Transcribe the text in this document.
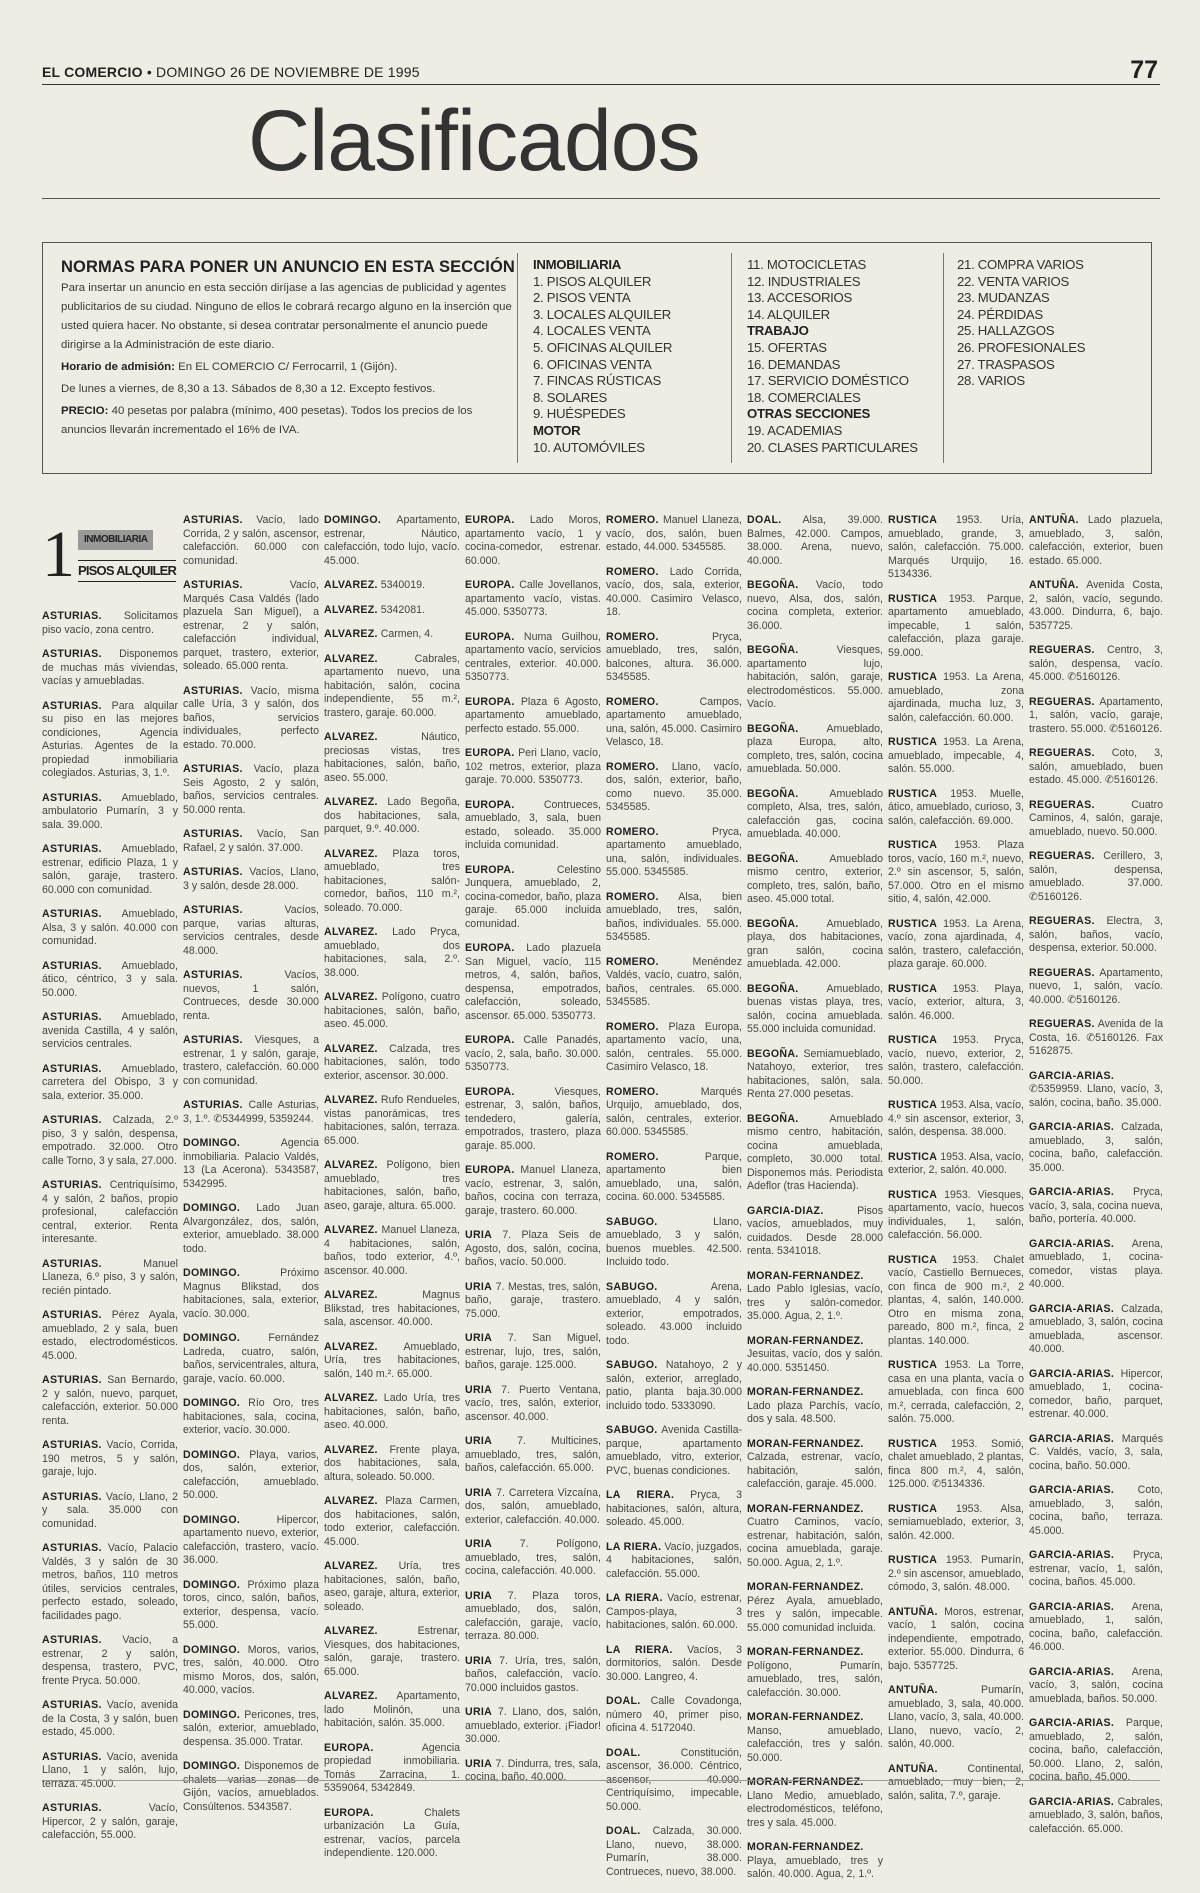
EL COMERCIO • DOMINGO 26 DE NOVIEMBRE DE 1995	77
Clasificados
NORMAS PARA PONER UN ANUNCIO EN ESTA SECCIÓN

Para insertar un anuncio en esta sección diríjase a las agencias de publicidad y agentes publicitarios de su ciudad. Ninguno de ellos le cobrará recargo alguno en la inserción que usted quiera hacer. No obstante, si desea contratar personalmente el anuncio puede dirigirse a la Administración de este diario.

Horario de admisión: En EL COMERCIO C/ Ferrocarril, 1 (Gijón).

De lunes a viernes, de 8,30 a 13. Sábados de 8,30 a 12. Excepto festivos.

PRECIO: 40 pesetas por palabra (mínimo, 400 pesetas). Todos los precios de los anuncios llevarán incrementado el 16% de IVA.

INMOBILIARIA
1. PISOS ALQUILER
2. PISOS VENTA
3. LOCALES ALQUILER
4. LOCALES VENTA
5. OFICINAS ALQUILER
6. OFICINAS VENTA
7. FINCAS RÚSTICAS
8. SOLARES
9. HUÉSPEDES
MOTOR
10. AUTOMÓVILES
11. MOTOCICLETAS
12. INDUSTRIALES
13. ACCESORIOS
14. ALQUILER
TRABAJO
15. OFERTAS
16. DEMANDAS
17. SERVICIO DOMÉSTICO
18. COMERCIALES
OTRAS SECCIONES
19. ACADEMIAS
20. CLASES PARTICULARES
21. COMPRA VARIOS
22. VENTA VARIOS
23. MUDANZAS
24. PÉRDIDAS
25. HALLAZGOS
26. PROFESIONALES
27. TRASPASOS
28. VARIOS
1 INMOBILIARIA
PISOS ALQUILER
ASTURIAS. Solicitamos piso vacío, zona centro.
ASTURIAS. Disponemos de muchas más viviendas, vacías y amuebladas.
ASTURIAS. Para alquilar su piso en las mejores condiciones, Agencia Asturias. Agentes de la propiedad inmobiliaria colegiados. Asturias, 3, 1.º.
ASTURIAS. Amueblado, ambulatorio Pumarín, 3 y sala. 39.000.
ASTURIAS. Amueblado, estrenar, edificio Plaza, 1 y salón, garaje, trastero. 60.000 con comunidad.
ASTURIAS. Amueblado, Alsa, 3 y salón. 40.000 con comunidad.
ASTURIAS. Amueblado, ático, céntrico, 3 y sala. 50.000.
ASTURIAS. Amueblado, avenida Castilla, 4 y salón, servicios centrales.
ASTURIAS. Amueblado, carretera del Obispo, 3 y sala, exterior. 35.000.
ASTURIAS. Calzada, 2.º piso, 3 y salón, despensa, empotrado. 32.000. Otro calle Torno, 3 y sala, 27.000.
ASTURIAS. Centriquísimo, 4 y salón, 2 baños, propio profesional, calefacción central, exterior. Renta interesante.
ASTURIAS. Manuel Llaneza, 6.º piso, 3 y salón, recién pintado.
ASTURIAS. Pérez Ayala, amueblado, 2 y sala, buen estado, electrodomésticos. 45.000.
ASTURIAS. San Bernardo, 2 y salón, nuevo, parquet, calefacción, exterior. 50.000 renta.
ASTURIAS. Vacío, Corrida, 190 metros, 5 y salón, garaje, lujo.
ASTURIAS. Vacío, Llano, 2 y sala. 35.000 con comunidad.
ASTURIAS. Vacío, Palacio Valdés, 3 y salón de 30 metros, baños, 110 metros útiles, servicios centrales, perfecto estado, soleado, facilidades pago.
ASTURIAS. Vacío, a estrenar, 2 y salón, despensa, trastero, PVC, frente Pryca. 50.000.
ASTURIAS. Vacío, avenida de la Costa, 3 y salón, buen estado, 45.000.
ASTURIAS. Vacío, avenida Llano, 1 y salón, lujo, terraza. 45.000.
ASTURIAS. Vacío, Hipercor, 2 y salón, garaje, calefacción, 55.000.
ASTURIAS. Vacío, lado Corrida, 2 y salón, ascensor, calefacción. 60.000 con comunidad.
ASTURIAS. Vacío, Marqués Casa Valdés (lado plazuela San Miguel), a estrenar, 2 y salón, calefacción individual, parquet, trastero, exterior, soleado. 65.000 renta.
ASTURIAS. Vacío, misma calle Uría, 3 y salón, dos baños, servicios individuales, perfecto estado. 70.000.
ASTURIAS. Vacío, plaza Seis Agosto, 2 y salón, baños, servicios centrales. 50.000 renta.
ASTURIAS. Vacío, San Rafael, 2 y salón. 37.000.
ASTURIAS. Vacíos, Llano, 3 y salón, desde 28.000.
ASTURIAS. Vacíos, parque, varias alturas, servicios centrales, desde 48.000.
ASTURIAS. Vacíos, nuevos, 1 salón, Contrueces, desde 30.000 renta.
ASTURIAS. Viesques, a estrenar, 1 y salón, garaje, trastero, calefacción. 60.000 con comunidad.
ASTURIAS. Calle Asturias, 3, 1.º. ✆5344999, 5359244.
DOMINGO. Agencia inmobiliaria. Palacio Valdés, 13 (La Acerona). 5343587, 5342995.
DOMINGO. Lado Juan Alvargonzález, dos, salón, exterior, amueblado. 38.000 todo.
DOMINGO. Próximo Magnus Blikstad, dos habitaciones, sala, exterior, vacío. 30.000.
DOMINGO. Fernández Ladreda, cuatro, salón, baños, servicentrales, altura, garaje, vacío. 60.000.
DOMINGO. Río Oro, tres habitaciones, sala, cocina, exterior, vacío. 30.000.
DOMINGO. Playa, varios, dos, salón, exterior, calefacción, amueblado. 50.000.
DOMINGO. Hipercor, apartamento nuevo, exterior, calefacción, trastero, vacío. 36.000.
DOMINGO. Próximo plaza toros, cinco, salón, baños, exterior, despensa, vacío. 55.000.
DOMINGO. Moros, varios, tres, salón, 40.000. Otro mismo Moros, dos, salón, 40.000, vacíos.
DOMINGO. Pericones, tres, salón, exterior, amueblado, despensa. 35.000. Tratar.
DOMINGO. Disponemos de chalets varias zonas de Gijón, vacíos, amueblados. Consúltenos. 5343587.
DOMINGO. Apartamento, estrenar, Náutico, calefacción, todo lujo, vacío. 45.000.
ALVAREZ. 5340019.
ALVAREZ. 5342081.
ALVAREZ. Carmen, 4.
ALVAREZ. Cabrales, apartamento nuevo, una habitación, salón, cocina independiente, 55 m.², trastero, garaje. 60.000.
ALVAREZ. Náutico, preciosas vistas, tres habitaciones, salón, baño, aseo. 55.000.
ALVAREZ. Lado Begoña, dos habitaciones, sala, parquet, 9.º. 40.000.
ALVAREZ. Plaza toros, amueblado, tres habitaciones, salón-comedor, baños, 110 m.², soleado. 70.000.
ALVAREZ. Lado Pryca, amueblado, dos habitaciones, sala, 2.º. 38.000.
ALVAREZ. Polígono, cuatro habitaciones, salón, baño, aseo. 45.000.
ALVAREZ. Calzada, tres habitaciones, salón, todo exterior, ascensor. 30.000.
ALVAREZ. Rufo Rendueles, vistas panorámicas, tres habitaciones, salón, terraza. 65.000.
ALVAREZ. Polígono, bien amueblado, tres habitaciones, salón, baño, aseo, garaje, altura. 65.000.
ALVAREZ. Manuel Llaneza, 4 habitaciones, salón, baños, todo exterior, 4.º, ascensor. 40.000.
ALVAREZ. Magnus Blikstad, tres habitaciones, sala, ascensor. 40.000.
ALVAREZ. Amueblado, Uría, tres habitaciones, salón, 140 m.². 65.000.
ALVAREZ. Lado Uría, tres habitaciones, salón, baño, aseo. 40.000.
ALVAREZ. Frente playa, dos habitaciones, sala, altura, soleado. 50.000.
ALVAREZ. Plaza Carmen, dos habitaciones, salón, todo exterior, calefacción. 45.000.
ALVAREZ. Uría, tres habitaciones, salón, baño, aseo, garaje, altura, exterior, soleado.
ALVAREZ. Estrenar, Viesques, dos habitaciones, salón, garaje, trastero. 65.000.
ALVAREZ. Apartamento, lado Molinón, una habitación, salón. 35.000.
EUROPA. Agencia propiedad inmobiliaria. Tomás Zarracina, 1. 5359064, 5342849.
EUROPA. Chalets urbanización La Guía, estrenar, vacíos, parcela independiente. 120.000.
EUROPA. Lado Moros, apartamento vacío, 1 y cocina-comedor, estrenar. 60.000.
EUROPA. Calle Jovellanos, apartamento vacío, vistas. 45.000. 5350773.
EUROPA. Numa Guilhou, apartamento vacío, servicios centrales, exterior. 40.000. 5350773.
EUROPA. Plaza 6 Agosto, apartamento amueblado, perfecto estado. 55.000.
EUROPA. Peri Llano, vacío, 102 metros, exterior, plaza garaje. 70.000. 5350773.
EUROPA. Contrueces, amueblado, 3, sala, buen estado, soleado. 35.000 incluida comunidad.
EUROPA. Celestino Junquera, amueblado, 2, cocina-comedor, baño, plaza garaje. 65.000 incluida comunidad.
EUROPA. Lado plazuela San Miguel, vacío, 115 metros, 4, salón, baños, despensa, empotrados, calefacción, soleado, ascensor. 65.000. 5350773.
EUROPA. Calle Panadés, vacío, 2, sala, baño. 30.000. 5350773.
EUROPA. Viesques, estrenar, 3, salón, baños, tendedero, galería, empotrados, trastero, plaza garaje. 85.000.
EUROPA. Manuel Llaneza, vacío, estrenar, 3, salón, baños, cocina con terraza, garaje, trastero. 60.000.
URIA 7. Plaza Seis de Agosto, dos, salón, cocina, baños, vacío. 50.000.
URIA 7. Mestas, tres, salón, baño, garaje, trastero. 75.000.
URIA 7. San Miguel, estrenar, lujo, tres, salón, baños, garaje. 125.000.
URIA 7. Puerto Ventana, vacío, tres, salón, exterior, ascensor. 40.000.
URIA 7. Multicines, amueblado, tres, salón, baños, calefacción. 65.000.
URIA 7. Carretera Vizcaína, dos, salón, amueblado, exterior, calefacción. 40.000.
URIA 7. Polígono, amueblado, tres, salón, cocina, calefacción. 40.000.
URIA 7. Plaza toros, amueblado, dos, salón, calefacción, garaje, vacío, terraza. 80.000.
URIA 7. Uría, tres, salón, baños, calefacción, vacío. 70.000 incluidos gastos.
URIA 7. Llano, dos, salón, amueblado, exterior. ¡Fiador! 30.000.
URIA 7. Dindurra, tres, sala, cocina, baño. 40.000.
ROMERO. Manuel Llaneza, vacío, dos, salón, buen estado, 44.000. 5345585.
ROMERO. Lado Corrida, vacío, dos, sala, exterior, 40.000. Casimiro Velasco, 18.
ROMERO. Pryca, amueblado, tres, salón, balcones, altura. 36.000. 5345585.
ROMERO. Campos, apartamento amueblado, una, salón, 45.000. Casimiro Velasco, 18.
ROMERO. Llano, vacío, dos, salón, exterior, baño, como nuevo. 35.000. 5345585.
ROMERO. Pryca, apartamento amueblado, una, salón, individuales. 55.000. 5345585.
ROMERO. Alsa, bien amueblado, tres, salón, baños, individuales. 55.000. 5345585.
ROMERO. Menéndez Valdés, vacío, cuatro, salón, baños, centrales. 65.000. 5345585.
ROMERO. Plaza Europa, apartamento vacío, una, salón, centrales. 55.000. Casimiro Velasco, 18.
ROMERO. Marqués Urquijo, amueblado, dos, salón, centrales, exterior. 60.000. 5345585.
ROMERO. Parque, apartamento bien amueblado, una, salón, cocina. 60.000. 5345585.
SABUGO. Llano, amueblado, 3 y salón, buenos muebles. 42.500. Incluido todo.
SABUGO. Arena, amueblado, 4 y salón, exterior, empotrados, soleado. 43.000 incluido todo.
SABUGO. Natahoyo, 2 y salón, exterior, arreglado, patio, planta baja.30.000 incluido todo. 5333090.
SABUGO. Avenida Castilla-parque, apartamento amueblado, vitro, exterior, PVC, buenas condiciones.
LA RIERA. Pryca, 3 habitaciones, salón, altura, soleado. 45.000.
LA RIERA. Vacío, juzgados, 4 habitaciones, salón, calefacción. 55.000.
LA RIERA. Vacío, estrenar, Campos-playa, 3 habitaciones, salón. 60.000.
LA RIERA. Vacíos, 3 dormitorios, salón. Desde 30.000. Langreo, 4.
DOAL. Calle Covadonga, número 40, primer piso, oficina 4. 5172040.
DOAL. Constitución, ascensor, 36.000. Céntrico, ascensor, 40.000. Centriquísimo, impecable, 50.000.
DOAL. Calzada, 30.000. Llano, nuevo, 38.000. Pumarín, 38.000. Contrueces, nuevo, 38.000.
DOAL. Alsa, 39.000. Balmes, 42.000. Campos, 38.000. Arena, nuevo, 40.000.
BEGOÑA. Vacío, todo nuevo, Alsa, dos, salón, cocina completa, exterior. 36.000.
BEGOÑA. Viesques, apartamento lujo, habitación, salón, garaje, electrodomésticos. 55.000. Vacío.
BEGOÑA. Amueblado, plaza Europa, alto, completo, tres, salón, cocina amueblada. 50.000.
BEGOÑA. Amueblado completo, Alsa, tres, salón, calefacción gas, cocina amueblada. 40.000.
BEGOÑA. Amueblado mismo centro, exterior, completo, tres, salón, baño, aseo. 45.000 total.
BEGOÑA. Amueblado, playa, dos habitaciones, gran salón, cocina amueblada. 42.000.
BEGOÑA. Amueblado, buenas vistas playa, tres, salón, cocina amueblada. 55.000 incluida comunidad.
BEGOÑA. Semiamueblado, Natahoyo, exterior, tres habitaciones, salón, sala. Renta 27.000 pesetas.
BEGOÑA. Amueblado mismo centro, habitación, cocina amueblada, completo, 30.000 total. Disponemos más. Periodista Adeflor (tras Hacienda).
GARCIA-DIAZ. Pisos vacíos, amueblados, muy cuidados. Desde 28.000 renta. 5341018.
MORAN-FERNANDEZ. Lado Pablo Iglesias, vacío, tres y salón-comedor. 35.000. Agua, 2, 1.º.
MORAN-FERNANDEZ. Jesuitas, vacío, dos y salón. 40.000. 5351450.
MORAN-FERNANDEZ. Lado plaza Parchís, vacío, dos y sala. 48.500.
MORAN-FERNANDEZ. Calzada, estrenar, vacío, habitación, salón, calefacción, garaje. 45.000.
MORAN-FERNANDEZ. Cuatro Caminos, vacío, estrenar, habitación, salón, cocina amueblada, garaje. 50.000. Agua, 2, 1.º.
MORAN-FERNANDEZ. Pérez Ayala, amueblado, tres y salón, impecable. 55.000 comunidad incluida.
MORAN-FERNANDEZ. Polígono, Pumarín, amueblado, tres, salón, calefacción. 30.000.
MORAN-FERNANDEZ. Manso, amueblado, calefacción, tres y salón. 50.000.
MORAN-FERNANDEZ. Llano Medio, amueblado, electrodomésticos, teléfono, tres y sala. 45.000.
MORAN-FERNANDEZ. Playa, amueblado, tres y salón. 40.000. Agua, 2, 1.º.
RUSTICA 1953. Uría, amueblado, grande, 3, salón, calefacción. 75.000. Marqués Urquijo, 16. 5134336.
RUSTICA 1953. Parque, apartamento amueblado, impecable, 1 salón, calefacción, plaza garaje. 59.000.
RUSTICA 1953. La Arena, amueblado, zona ajardinada, mucha luz, 3, salón, calefacción. 60.000.
RUSTICA 1953. La Arena, amueblado, impecable, 4, salón. 55.000.
RUSTICA 1953. Muelle, ático, amueblado, curioso, 3, salón, calefacción. 69.000.
RUSTICA 1953. Plaza toros, vacío, 160 m.², nuevo, 2.º sin ascensor, 5, salón, 57.000. Otro en el mismo sitio, 4, salón, 42.000.
RUSTICA 1953. La Arena, vacío, zona ajardinada, 4, salón, trastero, calefacción, plaza garaje. 60.000.
RUSTICA 1953. Playa, vacío, exterior, altura, 3, salón. 46.000.
RUSTICA 1953. Pryca, vacío, nuevo, exterior, 2, salón, trastero, calefacción. 50.000.
RUSTICA 1953. Alsa, vacío, 4.º sin ascensor, exterior, 3, salón, despensa. 38.000.
RUSTICA 1953. Alsa, vacío, exterior, 2, salón. 40.000.
RUSTICA 1953. Viesques, apartamento, vacío, huecos individuales, 1, salón, calefacción. 56.000.
RUSTICA 1953. Chalet vacío, Castiello Bernueces, con finca de 900 m.², 2 plantas, 4, salón, 140.000. Otro en misma zona, pareado, 800 m.², finca, 2 plantas. 140.000.
RUSTICA 1953. La Torre, casa en una planta, vacía o amueblada, con finca 600 m.², cerrada, calefacción, 2, salón. 75.000.
RUSTICA 1953. Somió, chalet amueblado, 2 plantas, finca 800 m.², 4, salón, 125.000. ✆5134336.
RUSTICA 1953. Alsa, semiamueblado, exterior, 3, salón. 42.000.
RUSTICA 1953. Pumarín, 2.º sin ascensor, amueblado, cómodo, 3, salón. 48.000.
ANTUÑA. Moros, estrenar, vacío, 1 salón, cocina independiente, empotrado, exterior. 55.000. Dindurra, 6 bajo. 5357725.
ANTUÑA. Pumarín, amueblado, 3, sala, 40.000. Llano, vacío, 3, sala, 40.000. Llano, nuevo, vacío, 2, salón, 40.000.
ANTUÑA. Continental, amueblado, muy bien, 2, salón, salita, 7.º, garaje.
ANTUÑA. Lado plazuela, amueblado, 3, salón, calefacción, exterior, buen estado. 65.000.
ANTUÑA. Avenida Costa, 2, salón, vacío, segundo. 43.000. Dindurra, 6, bajo. 5357725.
REGUERAS. Centro, 3, salón, despensa, vacío. 45.000. ✆5160126.
REGUERAS. Apartamento, 1, salón, vacío, garaje, trastero. 55.000. ✆5160126.
REGUERAS. Coto, 3, salón, amueblado, buen estado. 45.000. ✆5160126.
REGUERAS. Cuatro Caminos, 4, salón, garaje, amueblado, nuevo. 50.000.
REGUERAS. Cerillero, 3, salón, despensa, amueblado. 37.000. ✆5160126.
REGUERAS. Electra, 3, salón, baños, vacío, despensa, exterior. 50.000.
REGUERAS. Apartamento, nuevo, 1, salón, vacío. 40.000. ✆5160126.
REGUERAS. Avenida de la Costa, 16. ✆5160126. Fax 5162875.
GARCIA-ARIAS. ✆5359959. Llano, vacío, 3, salón, cocina, baño. 35.000.
GARCIA-ARIAS. Calzada, amueblado, 3, salón, cocina, baño, calefacción. 35.000.
GARCIA-ARIAS. Pryca, vacío, 3, sala, cocina nueva, baño, portería. 40.000.
GARCIA-ARIAS. Arena, amueblado, 1, cocina-comedor, vistas playa. 40.000.
GARCIA-ARIAS. Calzada, amueblado, 3, salón, cocina amueblada, ascensor. 40.000.
GARCIA-ARIAS. Hipercor, amueblado, 1, cocina-comedor, baño, parquet, estrenar. 40.000.
GARCIA-ARIAS. Marqués C. Valdés, vacío, 3, sala, cocina, baño. 50.000.
GARCIA-ARIAS. Coto, amueblado, 3, salón, cocina, baño, terraza. 45.000.
GARCIA-ARIAS. Pryca, estrenar, vacío, 1, salón, cocina, baños. 45.000.
GARCIA-ARIAS. Arena, amueblado, 1, salón, cocina, baño, calefacción. 46.000.
GARCIA-ARIAS. Arena, vacío, 3, salón, cocina amueblada, baños. 50.000.
GARCIA-ARIAS. Parque, amueblado, 2, salón, cocina, baño, calefacción, 50.000. Llano, 2, salón, cocina, baño, 45.000.
GARCIA-ARIAS. Cabrales, amueblado, 3, salón, baños, calefacción. 65.000.
